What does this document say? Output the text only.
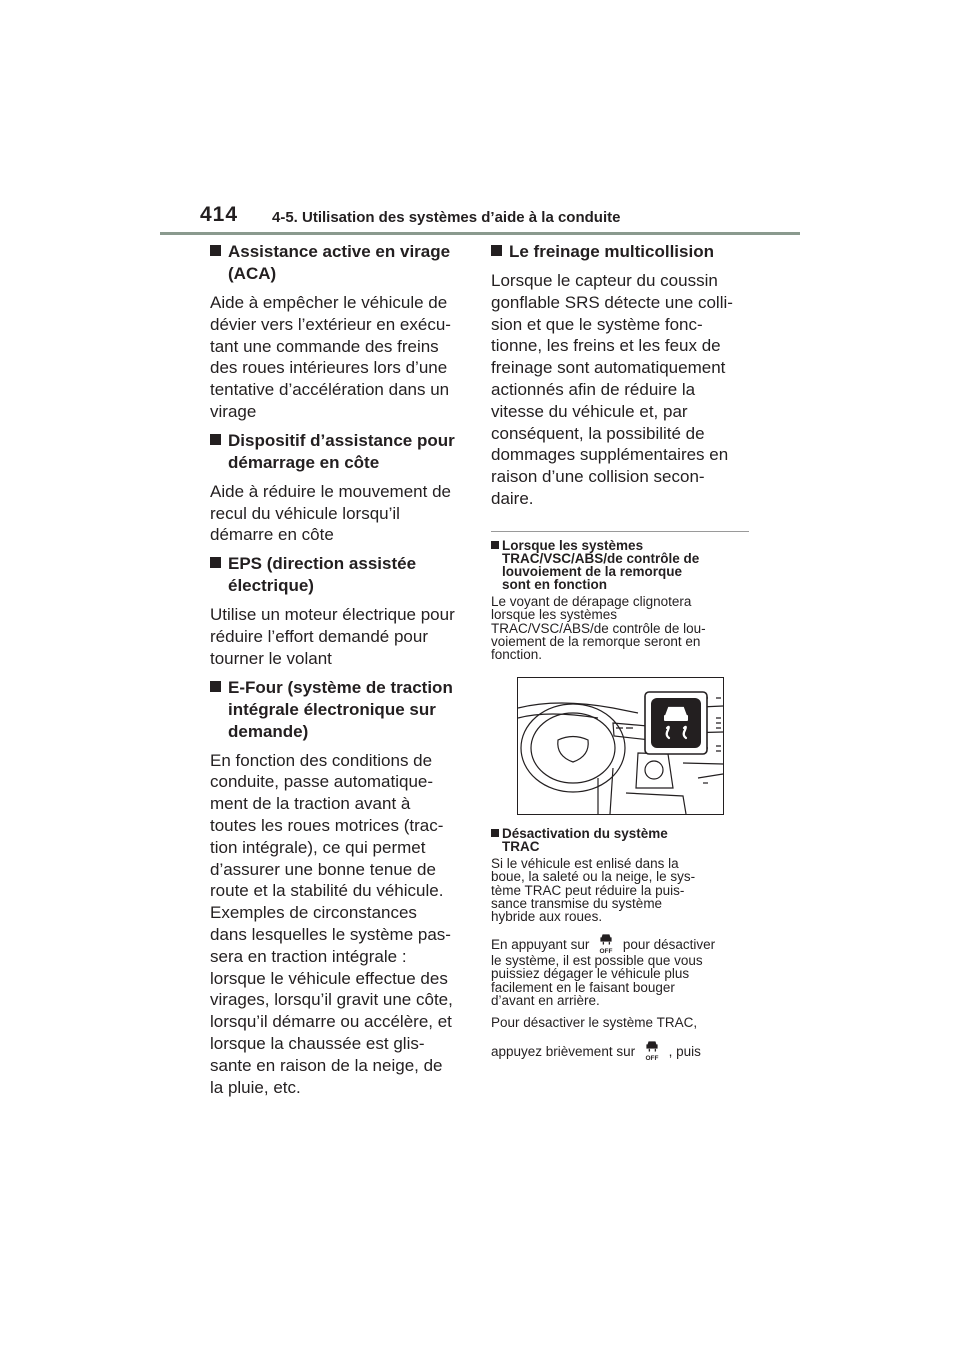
414 4-5. Utilisation des systèmes d’aide à la conduite
Assistance active en virage (ACA)
Aide à empêcher le véhicule de
dévier vers l’extérieur en exécu-
tant une commande des freins
des roues intérieures lors d’une
tentative d’accélération dans un
virage
Dispositif d’assistance pour démarrage en côte
Aide à réduire le mouvement de
recul du véhicule lorsqu’il
démarre en côte
EPS (direction assistée électrique)
Utilise un moteur électrique pour
réduire l’effort demandé pour
tourner le volant
E-Four (système de traction intégrale électronique sur demande)
En fonction des conditions de
conduite, passe automatique-
ment de la traction avant à
toutes les roues motrices (trac-
tion intégrale), ce qui permet
d’assurer une bonne tenue de
route et la stabilité du véhicule.
Exemples de circonstances
dans lesquelles le système pas-
sera en traction intégrale :
lorsque le véhicule effectue des
virages, lorsqu’il gravit une côte,
lorsqu’il démarre ou accélère, et
lorsque la chaussée est glis-
sante en raison de la neige, de
la pluie, etc.
Le freinage multicollision
Lorsque le capteur du coussin
gonflable SRS détecte une colli-
sion et que le système fonc-
tionne, les freins et les feux de
freinage sont automatiquement
actionnés afin de réduire la
vitesse du véhicule et, par
conséquent, la possibilité de
dommages supplémentaires en
raison d’une collision secon-
daire.
Lorsque les systèmes
TRAC/VSC/ABS/de contrôle de
louvoiement de la remorque
sont en fonction
Le voyant de dérapage clignotera
lorsque les systèmes
TRAC/VSC/ABS/de contrôle de lou-
voiement de la remorque seront en
fonction.
Désactivation du système
TRAC
Si le véhicule est enlisé dans la
boue, la saleté ou la neige, le sys-
tème TRAC peut réduire la puis-
sance transmise du système
hybride aux roues.
En appuyant sur OFF pour désactiver
le système, il est possible que vous
puissiez dégager le véhicule plus
facilement en le faisant bouger
d’avant en arrière.
Pour désactiver le système TRAC,
appuyez brièvement sur OFF , puis
